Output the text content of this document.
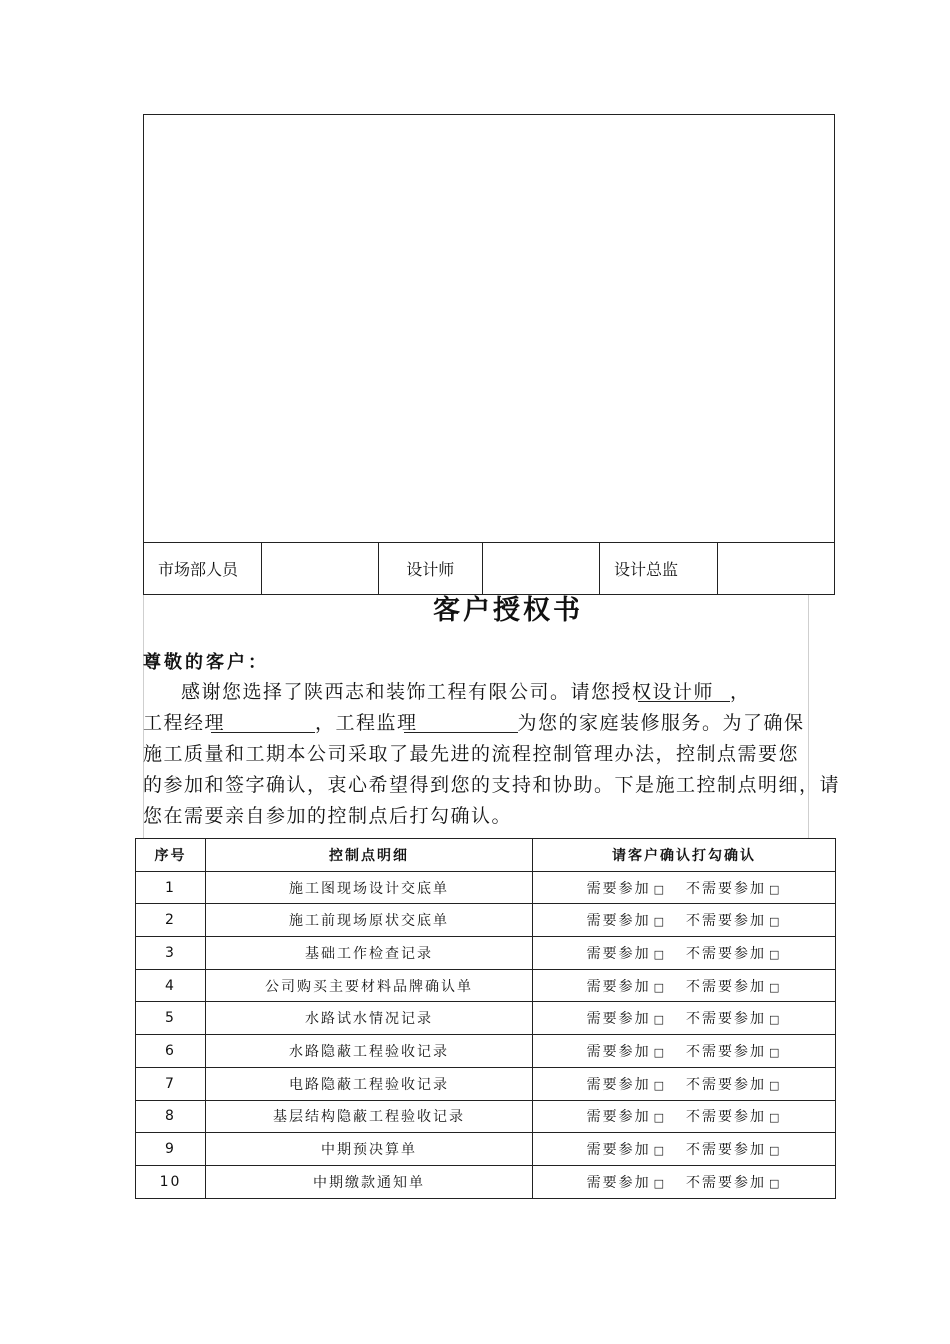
市场部人员	设计师	设计总监
客户授权书
尊敬的客户：
感谢您选择了陕西志和装饰工程有限公司。请您授权设计师 ，
工程经理	，工程监理	为您的家庭装修服务。为了确保
施工质量和工期本公司采取了最先进的流程控制管理办法，控制点需要您
的参加和签字确认，衷心希望得到您的支持和协助。下是施工控制点明细，请
您在需要亲自参加的控制点后打勾确认。
序号	控制点明细	请客户确认打勾确认
1	施工图现场设计交底单	需要参加 □ 不需要参加 □
2	施工前现场原状交底单	需要参加 □ 不需要参加 □
3	基础工作检查记录	需要参加 □ 不需要参加 □
4	公司购买主要材料品牌确认单	需要参加 □ 不需要参加 □
5	水路试水情况记录	需要参加 □ 不需要参加 □
6	水路隐蔽工程验收记录	需要参加 □ 不需要参加 □
7	电路隐蔽工程验收记录	需要参加 □ 不需要参加 □
8	基层结构隐蔽工程验收记录	需要参加 □ 不需要参加 □
9	中期预决算单	需要参加 □ 不需要参加 □
10	中期缴款通知单	需要参加 □ 不需要参加 □
